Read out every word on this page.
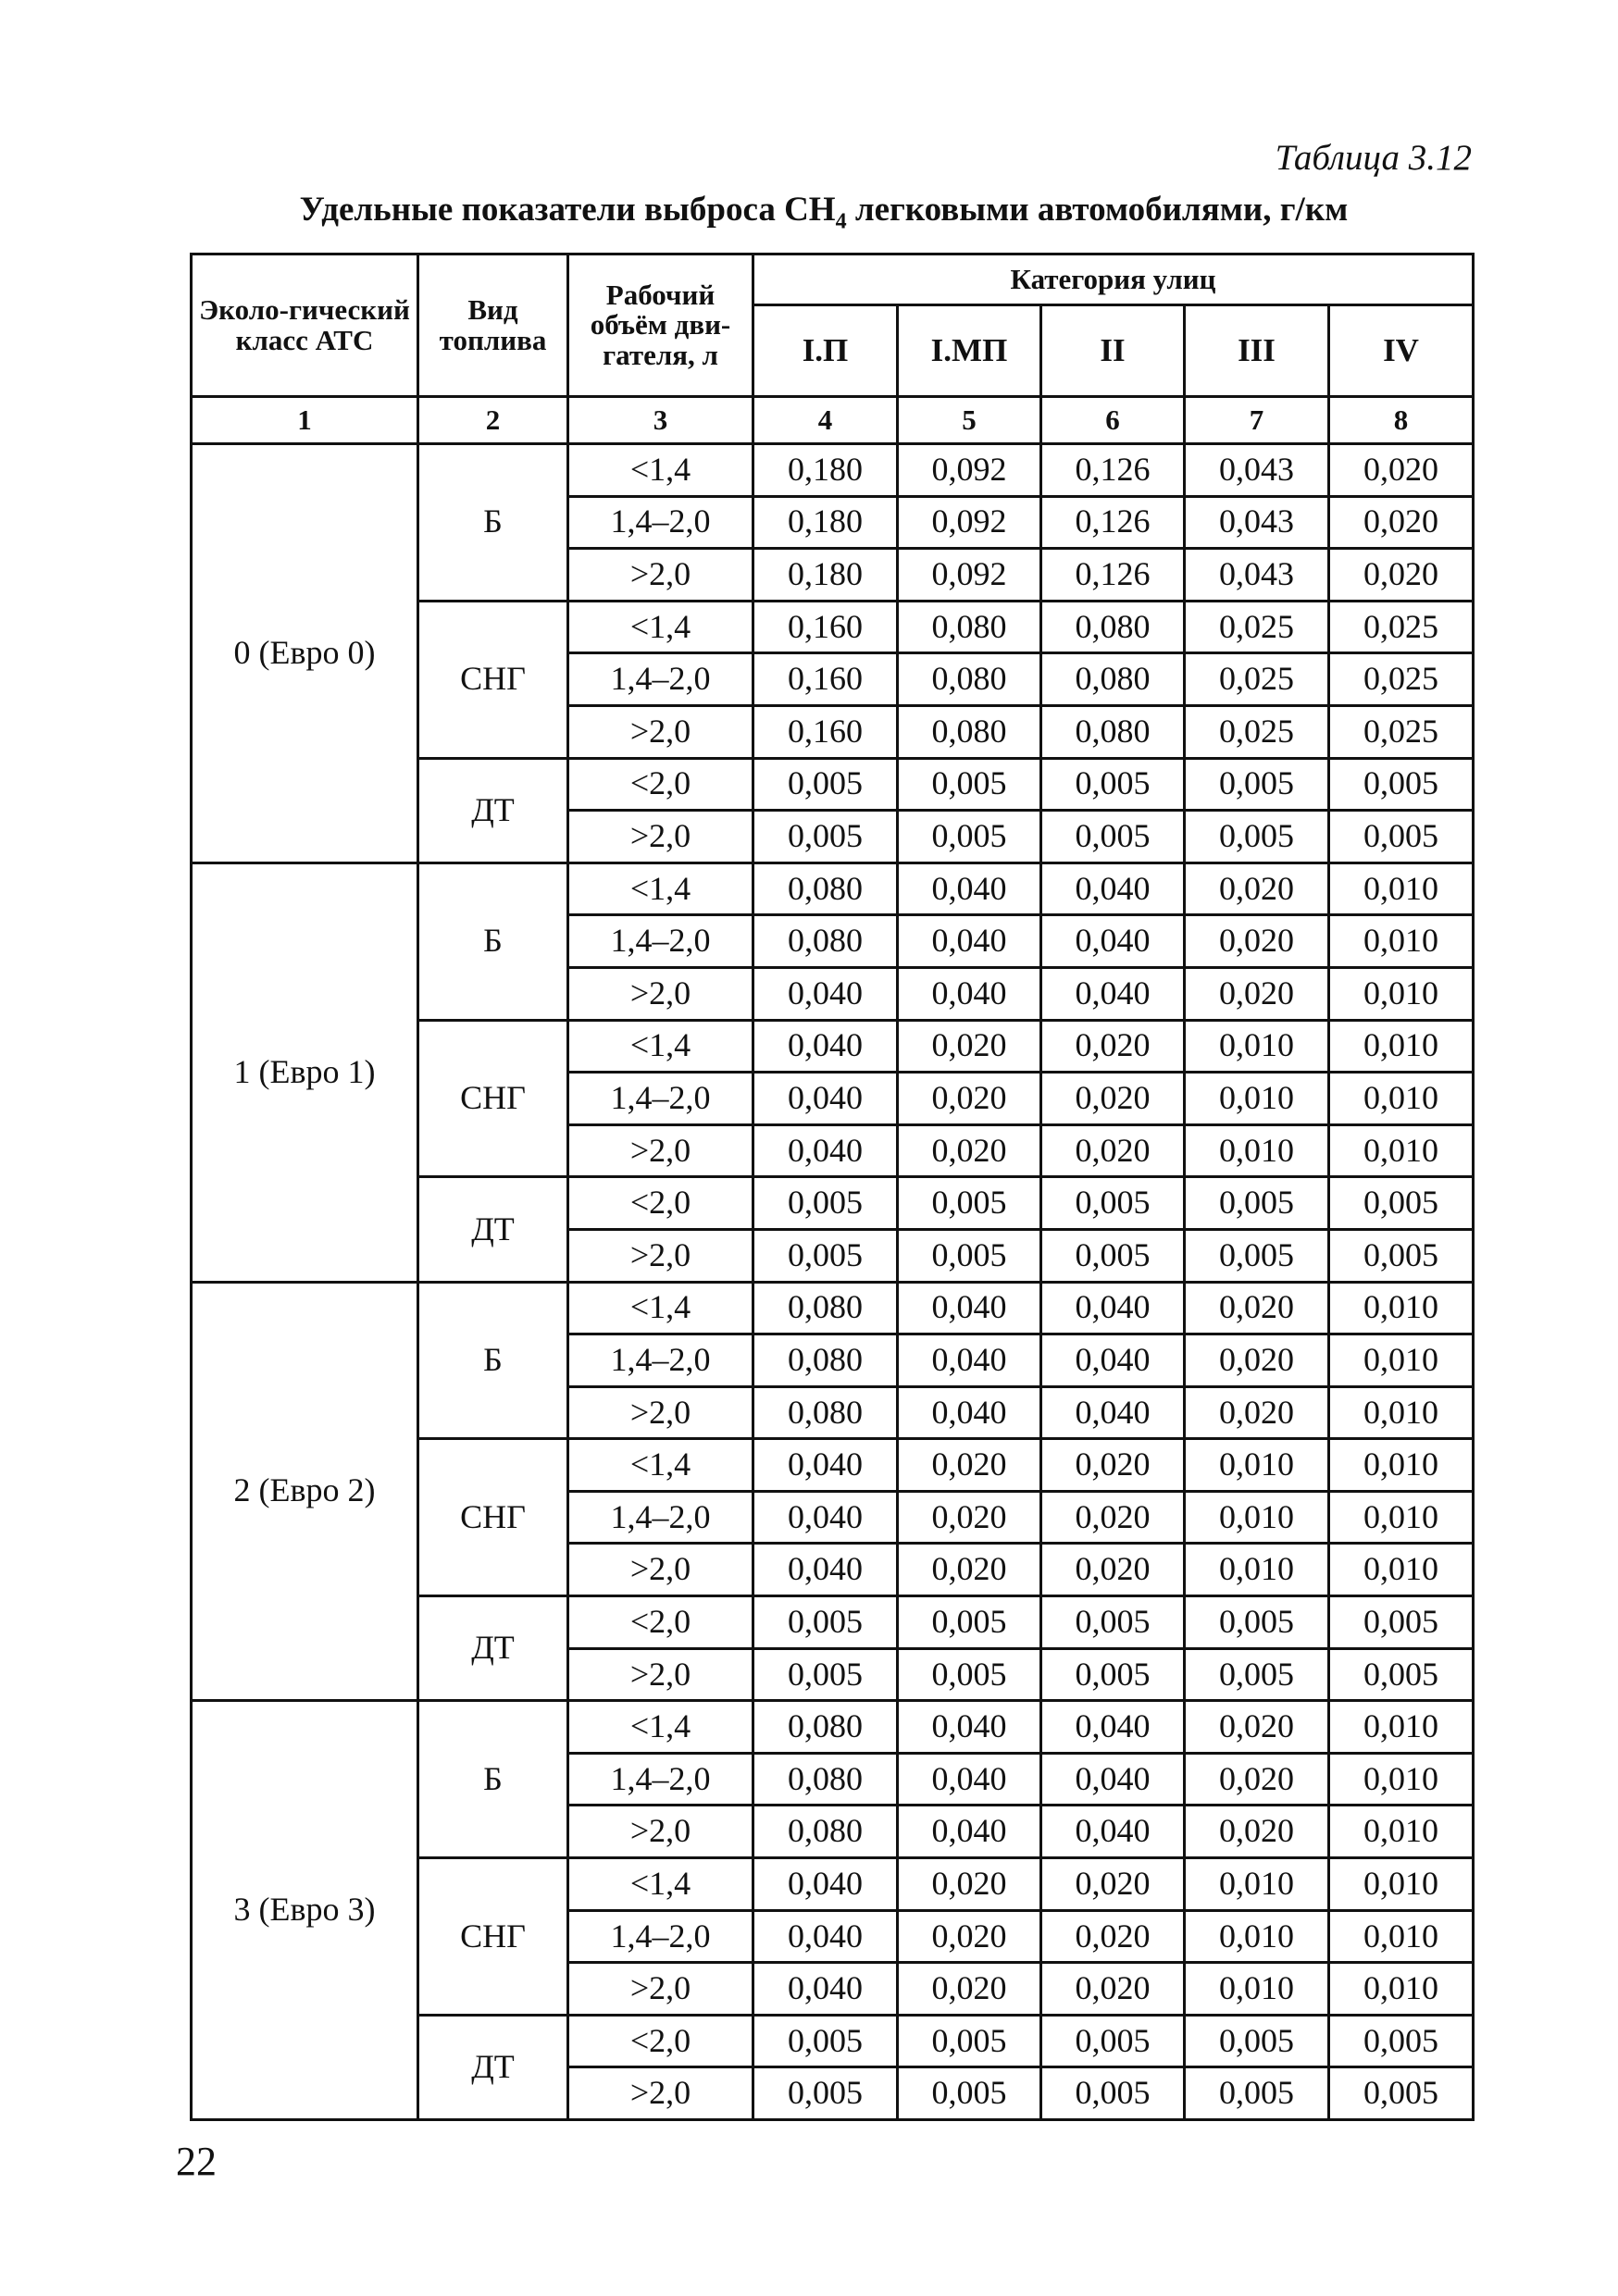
Таблица 3.12
Удельные показатели выброса $CH_4$ легковыми автомобилями, г/км
Эколо-гический класс АТС	Вид топлива	Рабочий объём дви-гателя, л	Категория улиц				
			I.П	I.МП	II	III	IV
1	2	3	4	5	6	7	8
0 (Евро 0)	Б	<1,4	0,180	0,092	0,126	0,043	0,020
		1,4–2,0	0,180	0,092	0,126	0,043	0,020
		>2,0	0,180	0,092	0,126	0,043	0,020
	СНГ	<1,4	0,160	0,080	0,080	0,025	0,025
		1,4–2,0	0,160	0,080	0,080	0,025	0,025
		>2,0	0,160	0,080	0,080	0,025	0,025
	ДТ	<2,0	0,005	0,005	0,005	0,005	0,005
		>2,0	0,005	0,005	0,005	0,005	0,005
1 (Евро 1)	Б	<1,4	0,080	0,040	0,040	0,020	0,010
		1,4–2,0	0,080	0,040	0,040	0,020	0,010
		>2,0	0,040	0,040	0,040	0,020	0,010
	СНГ	<1,4	0,040	0,020	0,020	0,010	0,010
		1,4–2,0	0,040	0,020	0,020	0,010	0,010
		>2,0	0,040	0,020	0,020	0,010	0,010
	ДТ	<2,0	0,005	0,005	0,005	0,005	0,005
		>2,0	0,005	0,005	0,005	0,005	0,005
2 (Евро 2)	Б	<1,4	0,080	0,040	0,040	0,020	0,010
		1,4–2,0	0,080	0,040	0,040	0,020	0,010
		>2,0	0,080	0,040	0,040	0,020	0,010
	СНГ	<1,4	0,040	0,020	0,020	0,010	0,010
		1,4–2,0	0,040	0,020	0,020	0,010	0,010
		>2,0	0,040	0,020	0,020	0,010	0,010
	ДТ	<2,0	0,005	0,005	0,005	0,005	0,005
		>2,0	0,005	0,005	0,005	0,005	0,005
3 (Евро 3)	Б	<1,4	0,080	0,040	0,040	0,020	0,010
		1,4–2,0	0,080	0,040	0,040	0,020	0,010
		>2,0	0,080	0,040	0,040	0,020	0,010
	СНГ	<1,4	0,040	0,020	0,020	0,010	0,010
		1,4–2,0	0,040	0,020	0,020	0,010	0,010
		>2,0	0,040	0,020	0,020	0,010	0,010
	ДТ	<2,0	0,005	0,005	0,005	0,005	0,005
		>2,0	0,005	0,005	0,005	0,005	0,005
22
